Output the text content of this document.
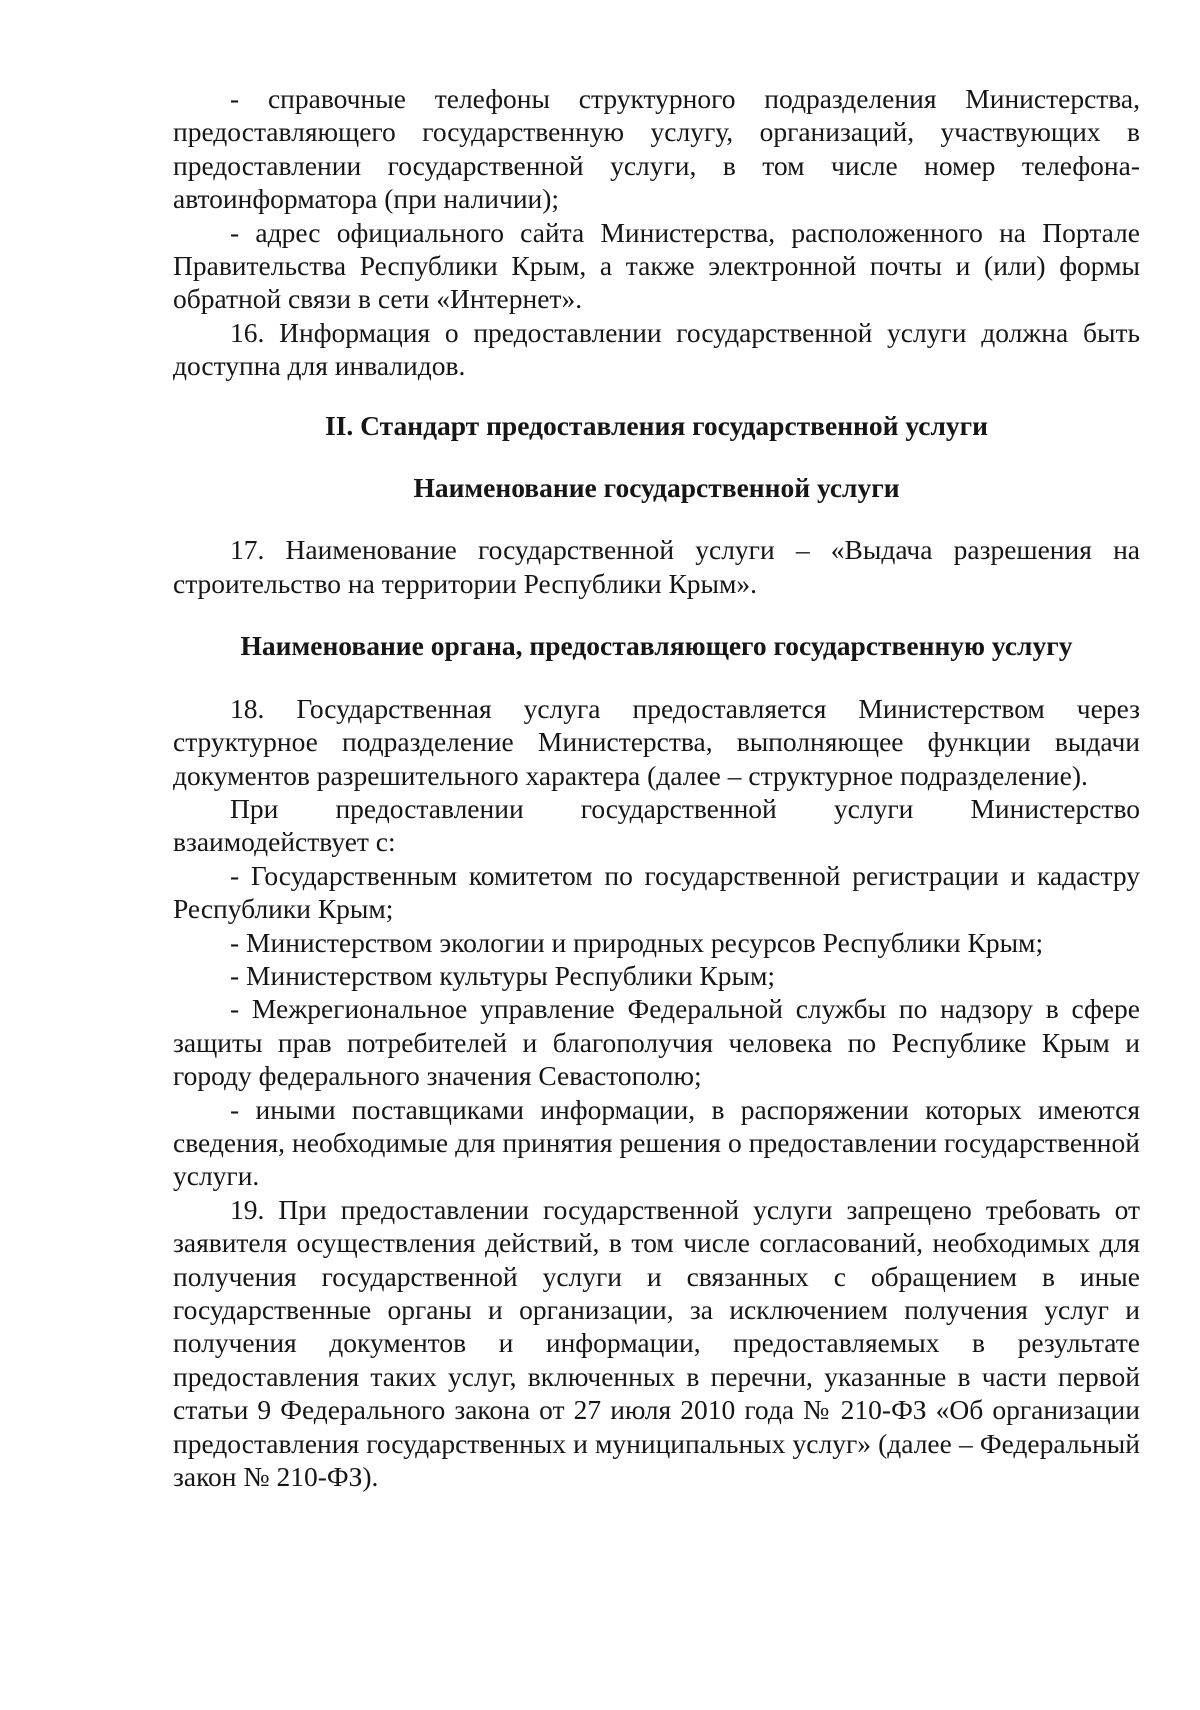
- справочные телефоны структурного подразделения Министерства, предоставляющего государственную услугу, организаций, участвующих в предоставлении государственной услуги, в том числе номер телефона-автоинформатора (при наличии);

- адрес официального сайта Министерства, расположенного на Портале Правительства Республики Крым, а также электронной почты и (или) формы обратной связи в сети «Интернет».

16. Информация о предоставлении государственной услуги должна быть доступна для инвалидов.

II. Стандарт предоставления государственной услуги

Наименование государственной услуги

17. Наименование государственной услуги – «Выдача разрешения на строительство на территории Республики Крым».

Наименование органа, предоставляющего государственную услугу

18. Государственная услуга предоставляется Министерством через структурное подразделение Министерства, выполняющее функции выдачи документов разрешительного характера (далее – структурное подразделение).

При предоставлении государственной услуги Министерство взаимодействует с:

- Государственным комитетом по государственной регистрации и кадастру Республики Крым;

- Министерством экологии и природных ресурсов Республики Крым;

- Министерством культуры Республики Крым;

- Межрегиональное управление Федеральной службы по надзору в сфере защиты прав потребителей и благополучия человека по Республике Крым и городу федерального значения Севастополю;

- иными поставщиками информации, в распоряжении которых имеются сведения, необходимые для принятия решения о предоставлении государственной услуги.

19. При предоставлении государственной услуги запрещено требовать от заявителя осуществления действий, в том числе согласований, необходимых для получения государственной услуги и связанных с обращением в иные государственные органы и организации, за исключением получения услуг и получения документов и информации, предоставляемых в результате предоставления таких услуг, включенных в перечни, указанные в части первой статьи 9 Федерального закона от 27 июля 2010 года № 210-ФЗ «Об организации предоставления государственных и муниципальных услуг» (далее – Федеральный закон № 210-ФЗ).
